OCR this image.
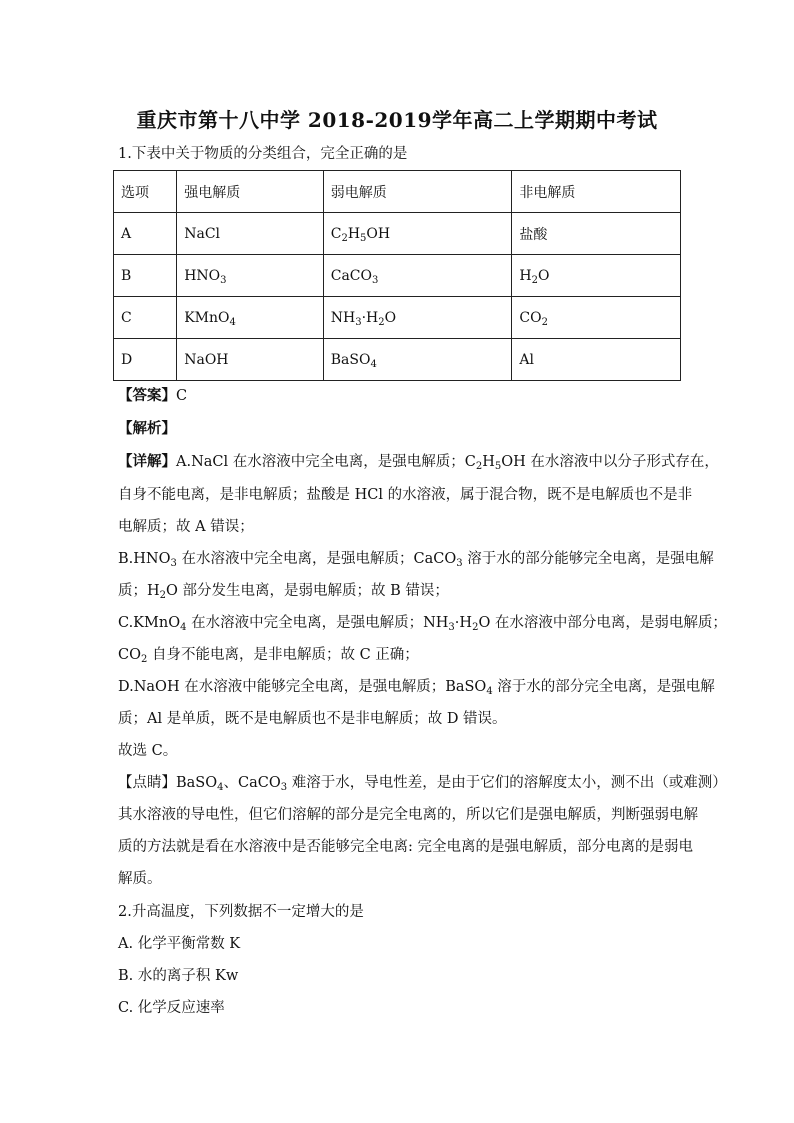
重庆市第十八中学 2018-2019学年高二上学期期中考试
1.下表中关于物质的分类组合，完全正确的是
选项	强电解质	弱电解质	非电解质
A	NaCl	$C_2H_5OH$	盐酸
B	$HNO_3$	CaCO$_3$	$H_2O$
C	KMnO$_4$	$NH_3\cdot H_2O$	$CO_2$
D	NaOH	BaSO$_4$	Al
【答案】C
【解析】
【详解】A.NaCl 在水溶液中完全电离，是强电解质；$C_2H_5OH$ 在水溶液中以分子形式存在，
自身不能电离，是非电解质；盐酸是 HCl 的水溶液，属于混合物，既不是电解质也不是非
电解质；故 A 错误；
$B.HNO_3$ 在水溶液中完全电离，是强电解质；CaCO$_3$ 溶于水的部分能够完全电离，是强电解
质；$H_2O$ 部分发生电离，是弱电解质；故 B 错误；
C.KMnO$_4$ 在水溶液中完全电离，是强电解质；$NH_3\cdot H_2O$ 在水溶液中部分电离，是弱电解质；
$CO_2$ 自身不能电离，是非电解质；故 C 正确；
D.NaOH 在水溶液中能够完全电离，是强电解质；BaSO$_4$ 溶于水的部分完全电离，是强电解
质；Al 是单质，既不是电解质也不是非电解质；故 D 错误。
故选 C。
【点睛】BaSO$_4$、CaCO$_3$ 难溶于水，导电性差，是由于它们的溶解度太小，测不出（或难测）
其水溶液的导电性，但它们溶解的部分是完全电离的，所以它们是强电解质，判断强弱电解
质的方法就是看在水溶液中是否能够完全电离: 完全电离的是强电解质，部分电离的是弱电
解质。
2.升高温度，下列数据不一定增大的是
A. 化学平衡常数 K
B. 水的离子积 Kw
C. 化学反应速率
